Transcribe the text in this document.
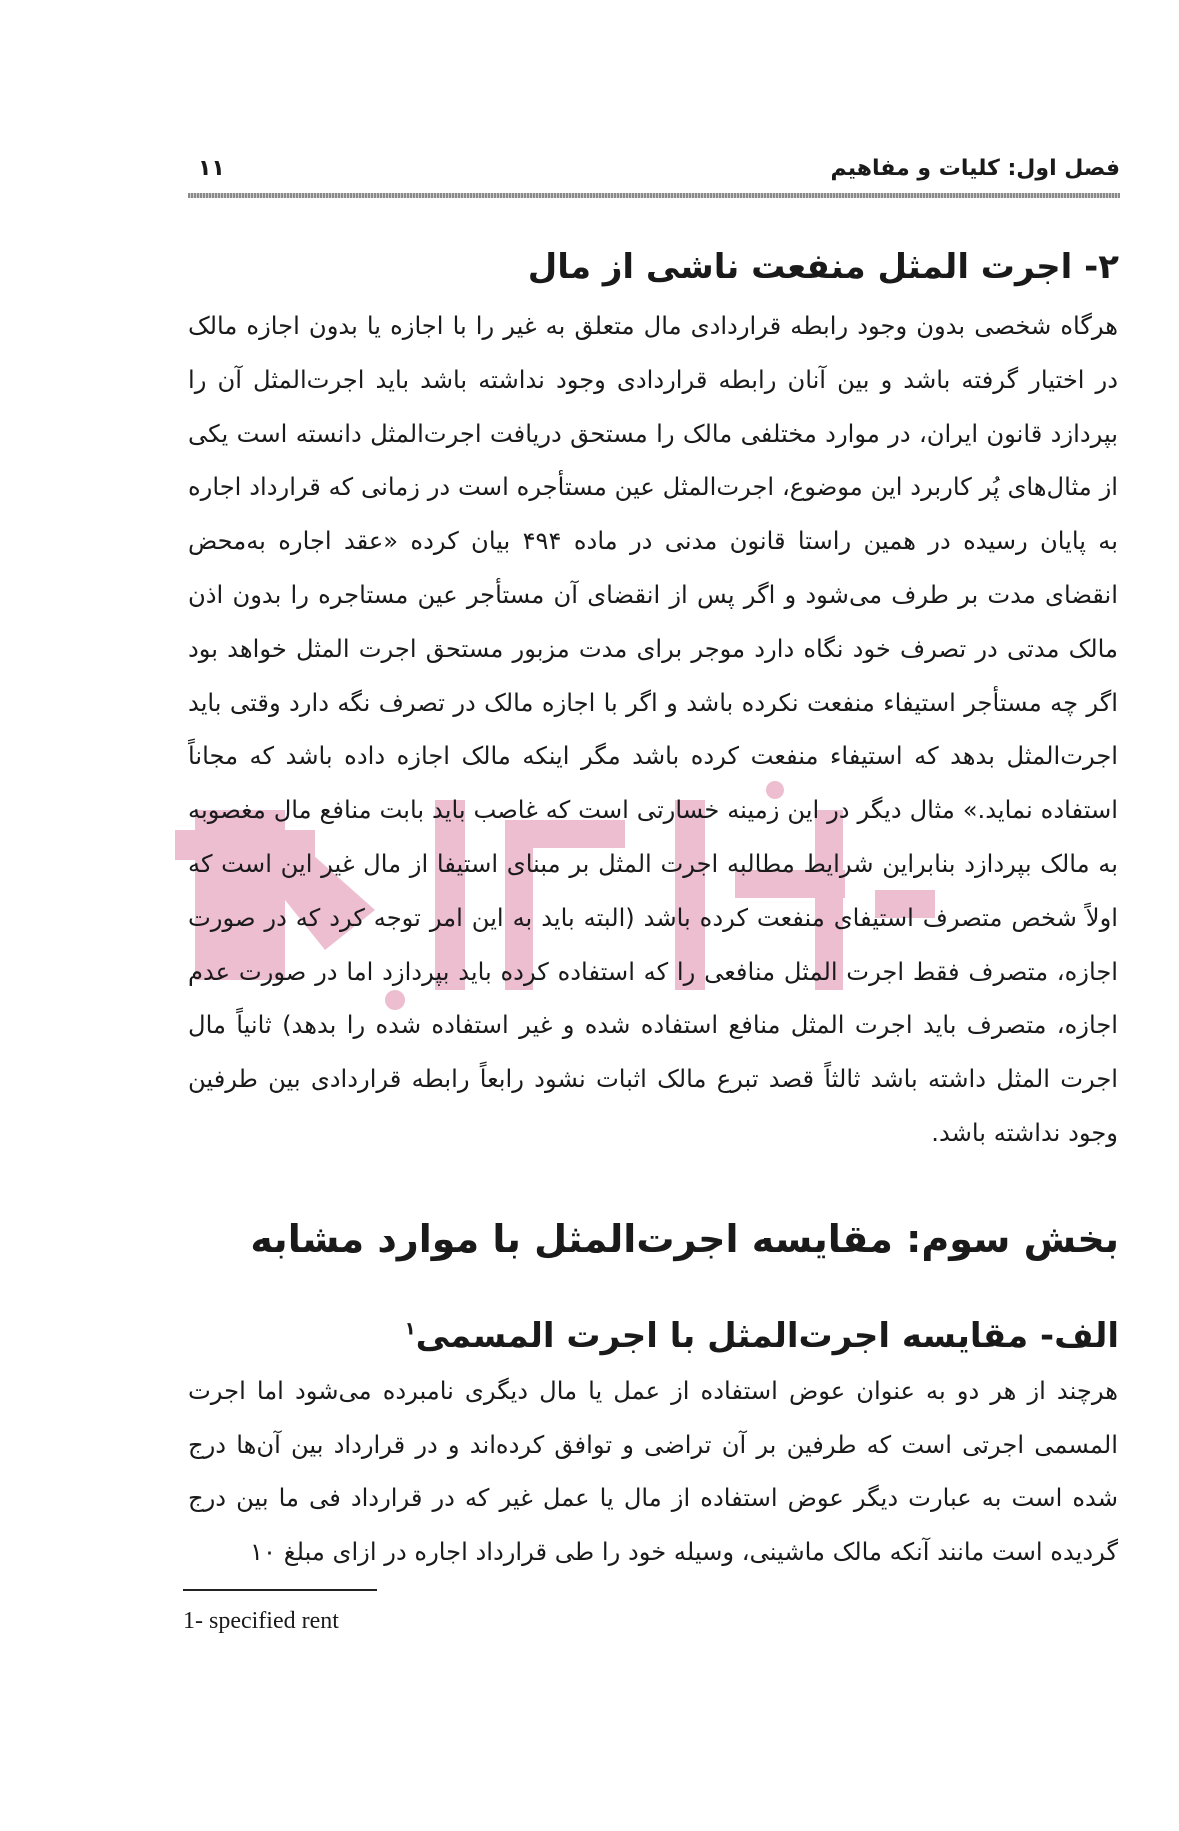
فصل اول: کلیات و مفاهیم
۱۱
۲- اجرت المثل منفعت ناشی از مال
هرگاه شخصی بدون وجود رابطه قراردادی مال متعلق به غیر را با اجازه یا بدون اجازه مالک در اختیار گرفته باشد و بین آنان رابطه قراردادی وجود نداشته باشد باید اجرت‌المثل آن را بپردازد قانون ایران، در موارد مختلفی مالک را مستحق دریافت اجرت‌المثل دانسته است یکی از مثال‌های پُر کاربرد این موضوع، اجرت‌المثل عین مستأجره است در زمانی که قرارداد اجاره به پایان رسیده در همین راستا قانون مدنی در ماده ۴۹۴ بیان کرده «عقد اجاره به‌محض انقضای مدت بر طرف می‌شود و اگر پس از انقضای آن مستأجر عین مستاجره را بدون اذن مالک مدتی در تصرف خود نگاه دارد موجر برای مدت مزبور مستحق اجرت المثل خواهد بود اگر چه مستأجر استیفاء منفعت نکرده باشد و اگر با اجازه مالک در تصرف نگه دارد وقتی باید اجرت‌المثل بدهد که استیفاء منفعت کرده باشد مگر اینکه مالک اجازه داده باشد که مجاناً استفاده نماید.» مثال دیگر در این زمینه خسارتی است که غاصب باید بابت منافع مال مغصوبه به مالک بپردازد بنابراین شرایط مطالبه اجرت المثل بر مبنای استیفا از مال غیر این است که اولاً شخص متصرف استیفای منفعت کرده باشد (البته باید به این امر توجه کرد که در صورت اجازه، متصرف فقط اجرت المثل منافعی را که استفاده کرده باید بپردازد اما در صورت عدم اجازه، متصرف باید اجرت المثل منافع استفاده شده و غیر استفاده شده را بدهد) ثانیاً مال اجرت المثل داشته باشد ثالثاً قصد تبرع مالک اثبات نشود رابعاً رابطه قراردادی بین طرفین وجود نداشته باشد.
بخش سوم: مقایسه اجرت‌المثل با موارد مشابه
الف- مقایسه اجرت‌المثل با اجرت المسمی$^۱$
هرچند از هر دو به عنوان عوض استفاده از عمل یا مال دیگری نامبرده می‌شود اما اجرت المسمی اجرتی است که طرفین بر آن تراضی و توافق کرده‌اند و در قرارداد بین آن‌ها درج شده است به عبارت دیگر عوض استفاده از مال یا عمل غیر که در قرارداد فی ما بین درج گردیده است مانند آنکه مالک ماشینی، وسیله خود را طی قرارداد اجاره در ازای مبلغ ۱۰
1- specified rent
